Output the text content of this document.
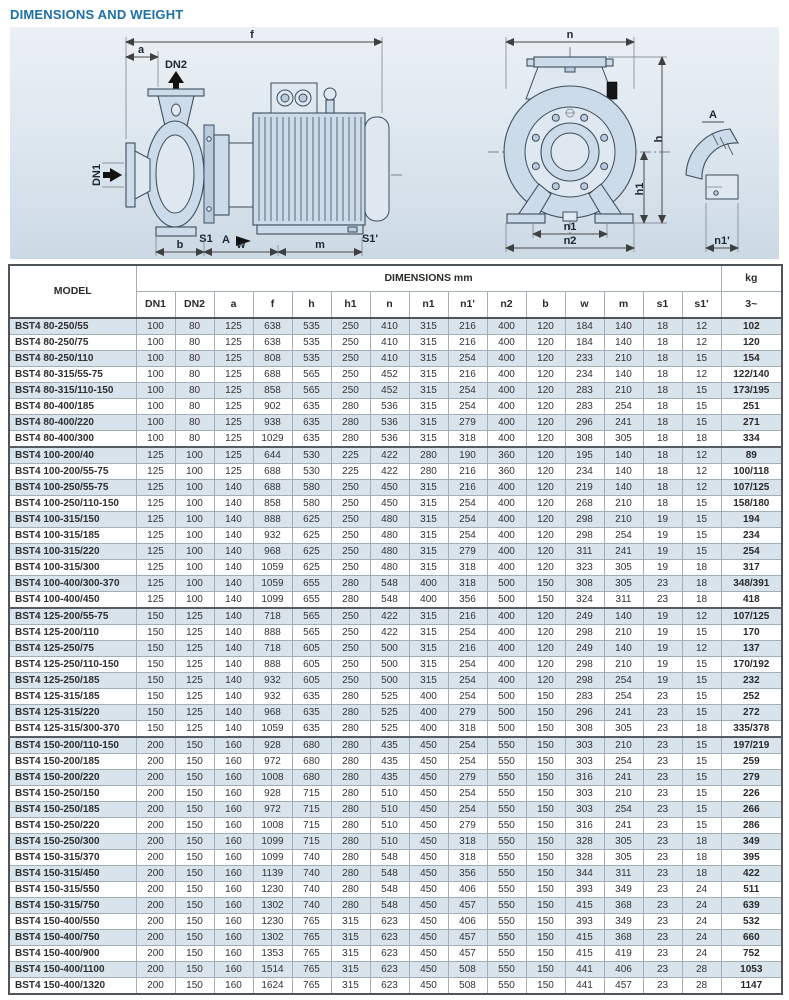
DIMENSIONS AND WEIGHT
f
a
DN2
DN1
S1 A	S1'
b	w	m
n
h
h1
n1
n2
A
n1'
MODEL	DIMENSIONS mm															kg
	DN1	DN2	a	f	h	h1	n	n1	n1'	n2	b	w	m	s1	s1'	3~
BST4 80-250/55	100	80	125	638	535	250	410	315	216	400	120	184	140	18	12	102
BST4 80-250/75	100	80	125	638	535	250	410	315	216	400	120	184	140	18	12	120
BST4 80-250/110	100	80	125	808	535	250	410	315	254	400	120	233	210	18	15	154
BST4 80-315/55-75	100	80	125	688	565	250	452	315	216	400	120	234	140	18	12	122/140
BST4 80-315/110-150	100	80	125	858	565	250	452	315	254	400	120	283	210	18	15	173/195
BST4 80-400/185	100	80	125	902	635	280	536	315	254	400	120	283	254	18	15	251
BST4 80-400/220	100	80	125	938	635	280	536	315	279	400	120	296	241	18	15	271
BST4 80-400/300	100	80	125	1029	635	280	536	315	318	400	120	308	305	18	18	334
BST4 100-200/40	125	100	125	644	530	225	422	280	190	360	120	195	140	18	12	89
BST4 100-200/55-75	125	100	125	688	530	225	422	280	216	360	120	234	140	18	12	100/118
BST4 100-250/55-75	125	100	140	688	580	250	450	315	216	400	120	219	140	18	12	107/125
BST4 100-250/110-150	125	100	140	858	580	250	450	315	254	400	120	268	210	18	15	158/180
BST4 100-315/150	125	100	140	888	625	250	480	315	254	400	120	298	210	19	15	194
BST4 100-315/185	125	100	140	932	625	250	480	315	254	400	120	298	254	19	15	234
BST4 100-315/220	125	100	140	968	625	250	480	315	279	400	120	311	241	19	15	254
BST4 100-315/300	125	100	140	1059	625	250	480	315	318	400	120	323	305	19	18	317
BST4 100-400/300-370	125	100	140	1059	655	280	548	400	318	500	150	308	305	23	18	348/391
BST4 100-400/450	125	100	140	1099	655	280	548	400	356	500	150	324	311	23	18	418
BST4 125-200/55-75	150	125	140	718	565	250	422	315	216	400	120	249	140	19	12	107/125
BST4 125-200/110	150	125	140	888	565	250	422	315	254	400	120	298	210	19	15	170
BST4 125-250/75	150	125	140	718	605	250	500	315	216	400	120	249	140	19	12	137
BST4 125-250/110-150	150	125	140	888	605	250	500	315	254	400	120	298	210	19	15	170/192
BST4 125-250/185	150	125	140	932	605	250	500	315	254	400	120	298	254	19	15	232
BST4 125-315/185	150	125	140	932	635	280	525	400	254	500	150	283	254	23	15	252
BST4 125-315/220	150	125	140	968	635	280	525	400	279	500	150	296	241	23	15	272
BST4 125-315/300-370	150	125	140	1059	635	280	525	400	318	500	150	308	305	23	18	335/378
BST4 150-200/110-150	200	150	160	928	680	280	435	450	254	550	150	303	210	23	15	197/219
BST4 150-200/185	200	150	160	972	680	280	435	450	254	550	150	303	254	23	15	259
BST4 150-200/220	200	150	160	1008	680	280	435	450	279	550	150	316	241	23	15	279
BST4 150-250/150	200	150	160	928	715	280	510	450	254	550	150	303	210	23	15	226
BST4 150-250/185	200	150	160	972	715	280	510	450	254	550	150	303	254	23	15	266
BST4 150-250/220	200	150	160	1008	715	280	510	450	279	550	150	316	241	23	15	286
BST4 150-250/300	200	150	160	1099	715	280	510	450	318	550	150	328	305	23	18	349
BST4 150-315/370	200	150	160	1099	740	280	548	450	318	550	150	328	305	23	18	395
BST4 150-315/450	200	150	160	1139	740	280	548	450	356	550	150	344	311	23	18	422
BST4 150-315/550	200	150	160	1230	740	280	548	450	406	550	150	393	349	23	24	511
BST4 150-315/750	200	150	160	1302	740	280	548	450	457	550	150	415	368	23	24	639
BST4 150-400/550	200	150	160	1230	765	315	623	450	406	550	150	393	349	23	24	532
BST4 150-400/750	200	150	160	1302	765	315	623	450	457	550	150	415	368	23	24	660
BST4 150-400/900	200	150	160	1353	765	315	623	450	457	550	150	415	419	23	24	752
BST4 150-400/1100	200	150	160	1514	765	315	623	450	508	550	150	441	406	23	28	1053
BST4 150-400/1320	200	150	160	1624	765	315	623	450	508	550	150	441	457	23	28	1147
